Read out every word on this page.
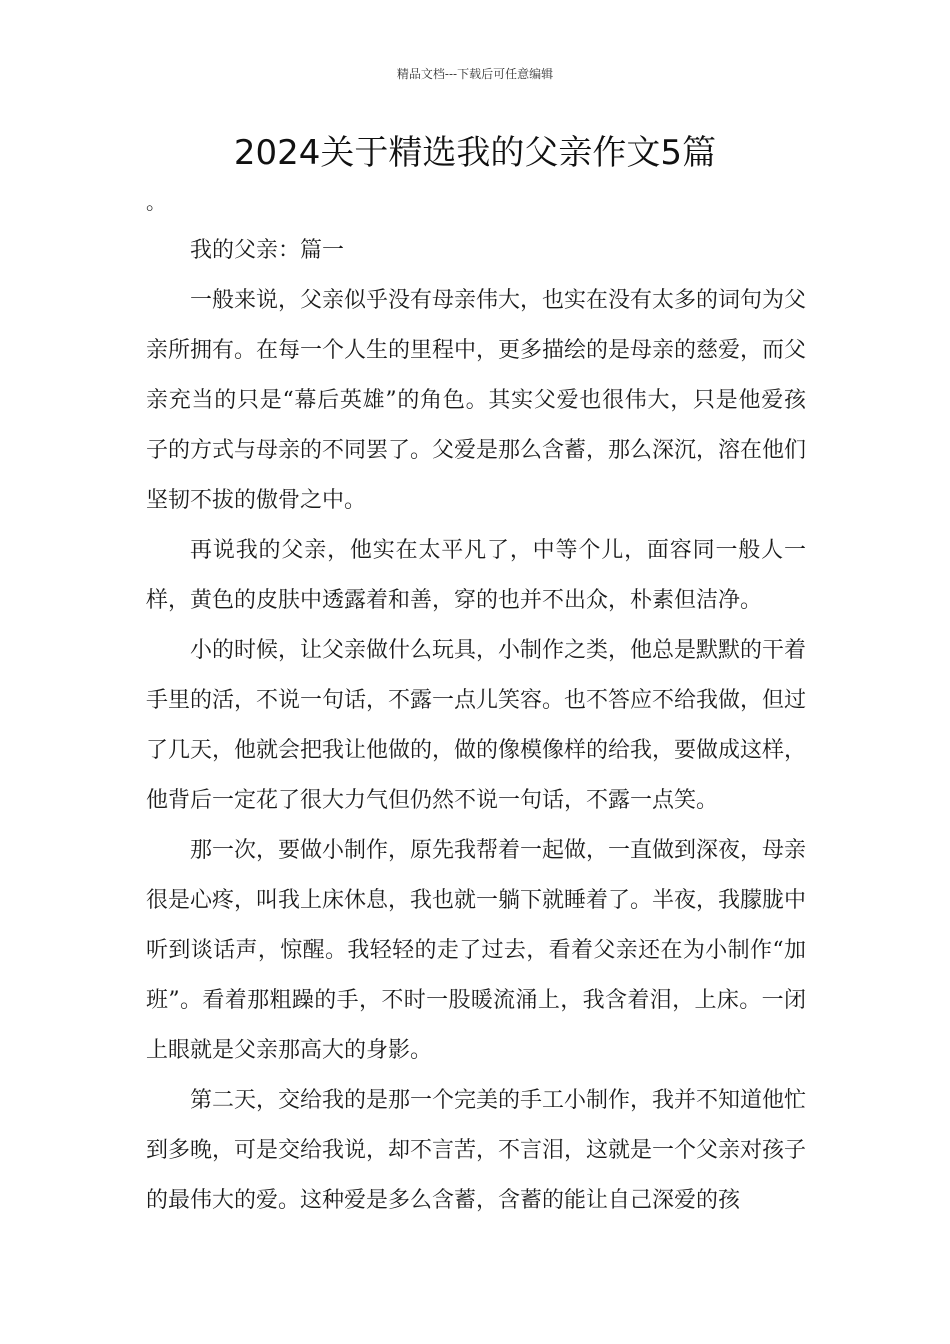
精品文档---下载后可任意编辑
2024关于精选我的父亲作文5篇
。

我的父亲：篇一

一般来说，父亲似乎没有母亲伟大，也实在没有太多的词句为父亲所拥有。在每一个人生的里程中，更多描绘的是母亲的慈爱，而父亲充当的只是“幕后英雄”的角色。其实父爱也很伟大，只是他爱孩子的方式与母亲的不同罢了。父爱是那么含蓄，那么深沉，溶在他们坚韧不拔的傲骨之中。

再说我的父亲，他实在太平凡了，中等个儿，面容同一般人一样，黄色的皮肤中透露着和善，穿的也并不出众，朴素但洁净。

小的时候，让父亲做什么玩具，小制作之类，他总是默默的干着手里的活，不说一句话，不露一点儿笑容。也不答应不给我做，但过了几天，他就会把我让他做的，做的像模像样的给我，要做成这样，他背后一定花了很大力气但仍然不说一句话，不露一点笑。

那一次，要做小制作，原先我帮着一起做，一直做到深夜，母亲很是心疼，叫我上床休息，我也就一躺下就睡着了。半夜，我朦胧中听到谈话声，惊醒。我轻轻的走了过去，看着父亲还在为小制作“加班”。看着那粗躁的手，不时一股暖流涌上，我含着泪，上床。一闭上眼就是父亲那高大的身影。

第二天，交给我的是那一个完美的手工小制作，我并不知道他忙到多晚，可是交给我说，却不言苦，不言泪，这就是一个父亲对孩子的最伟大的爱。这种爱是多么含蓄，含蓄的能让自己深爱的孩
